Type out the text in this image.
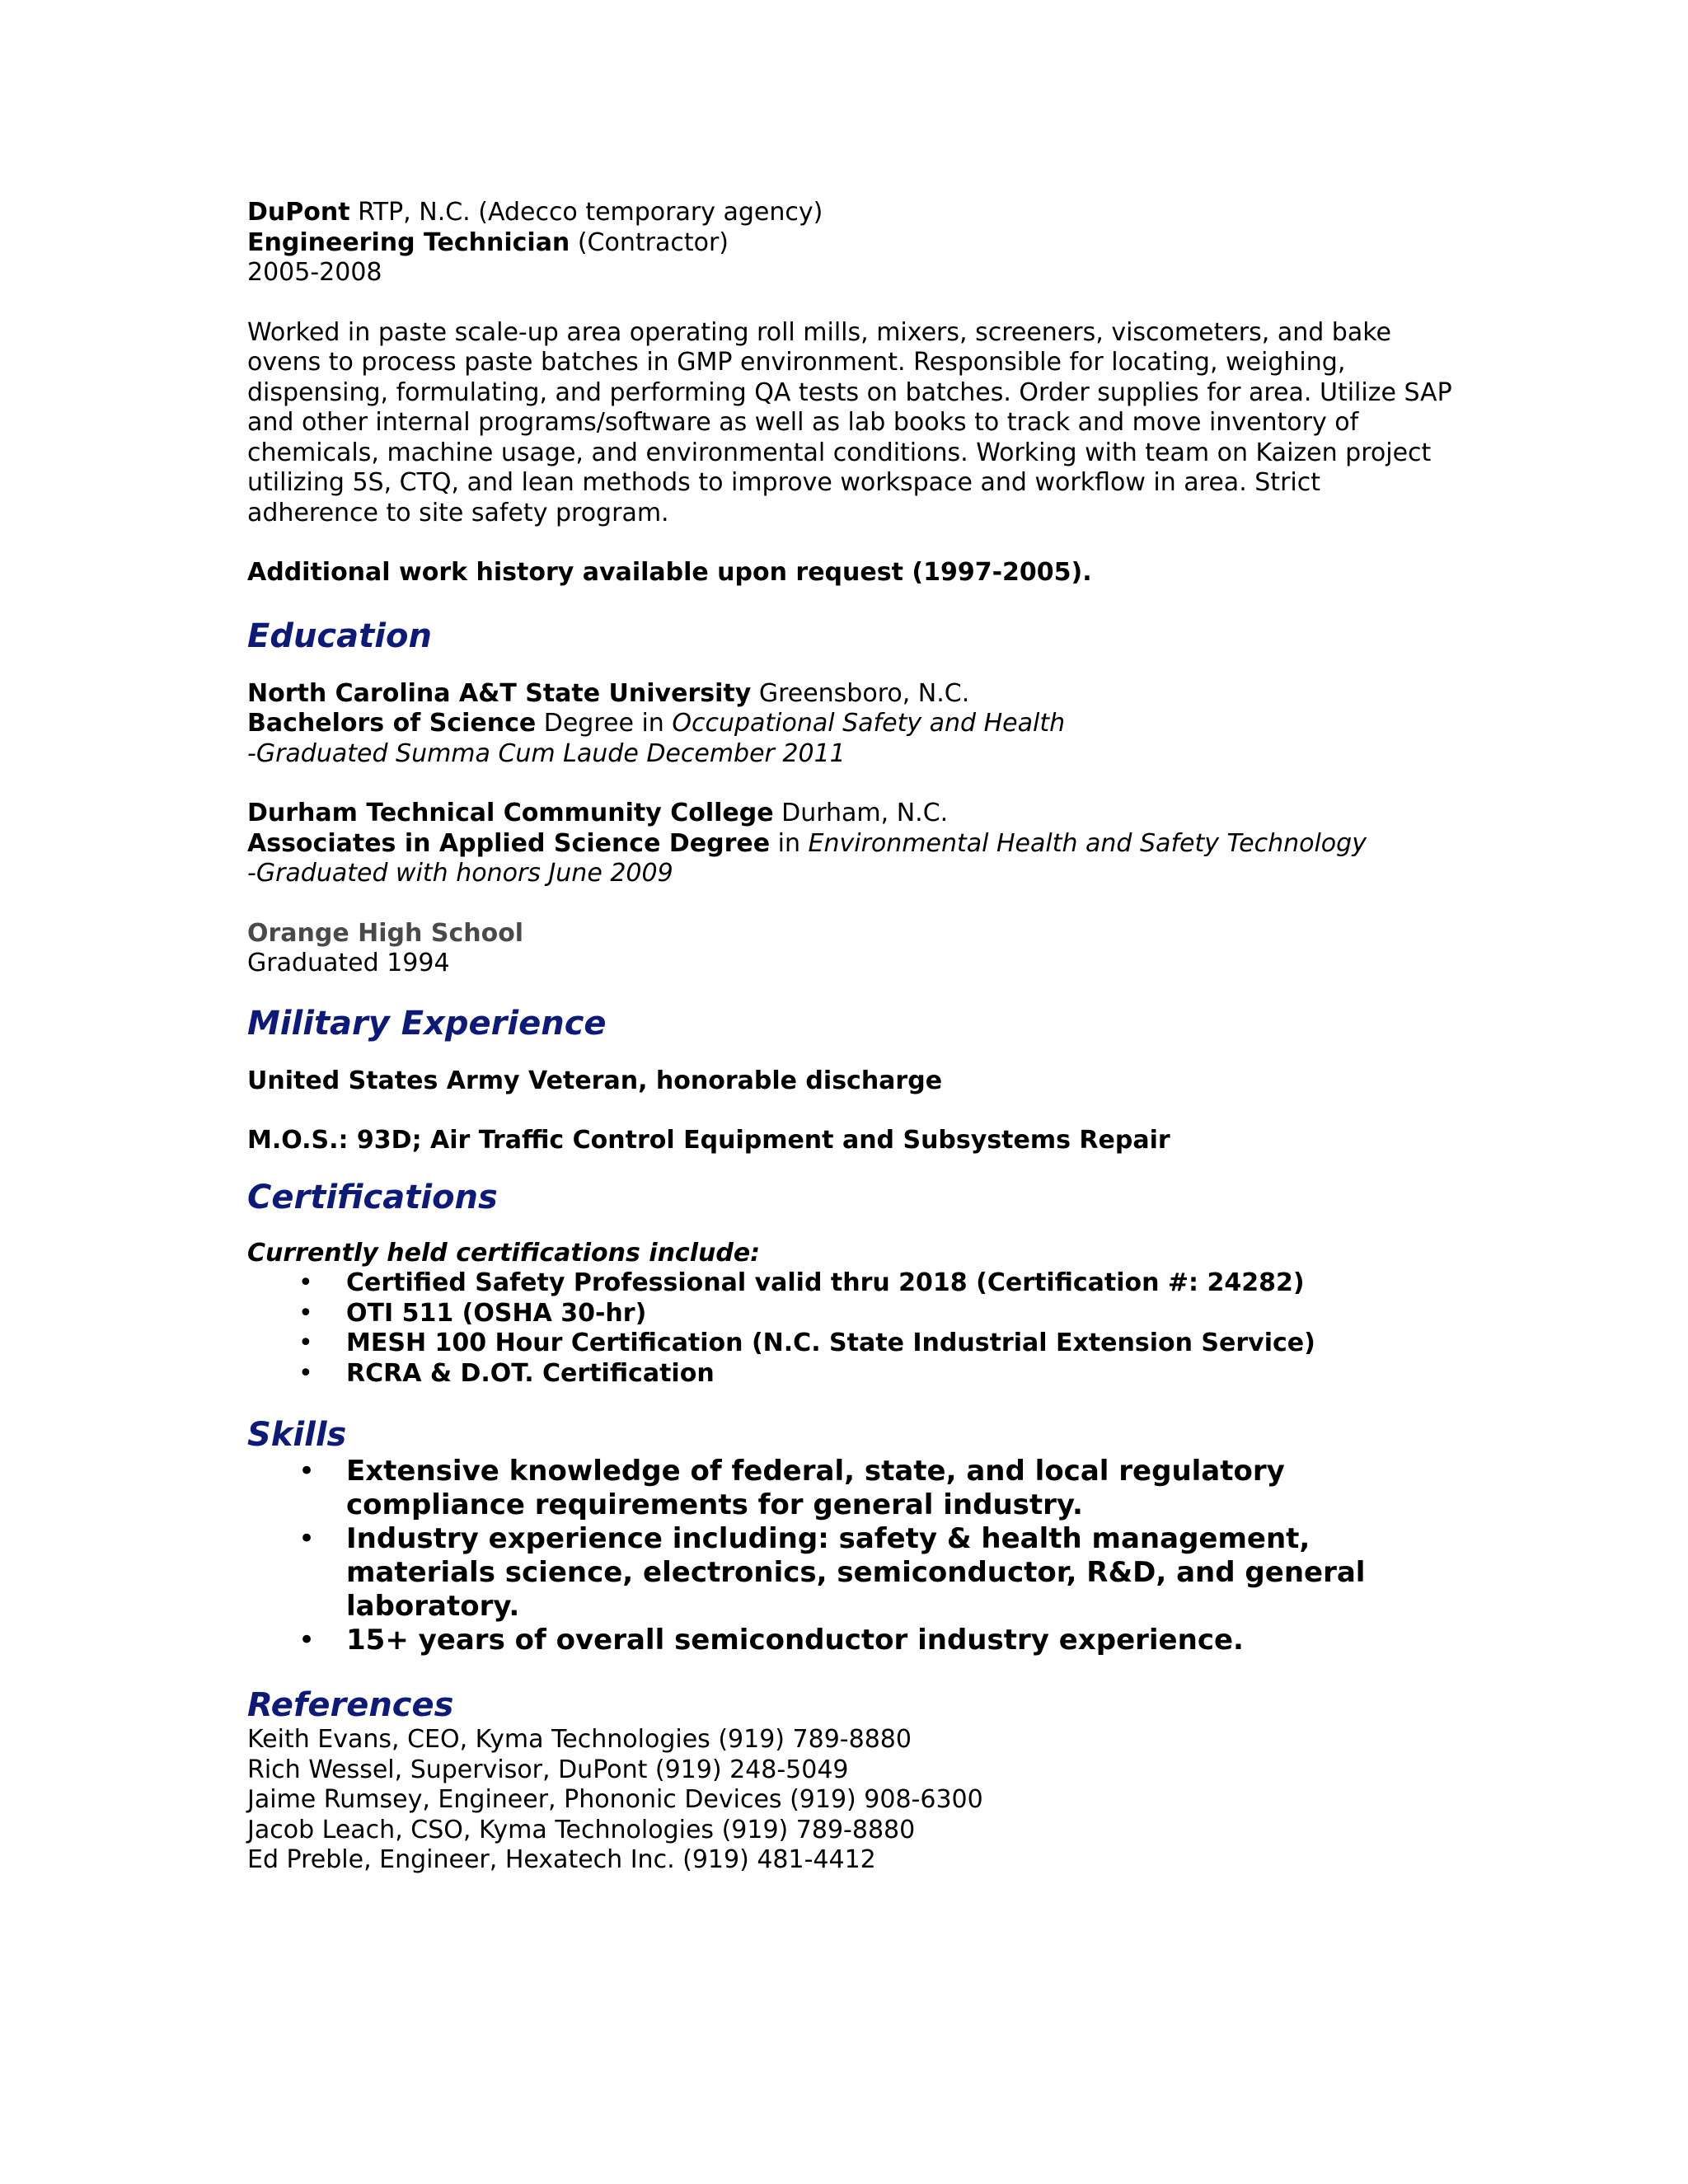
DuPont RTP, N.C. (Adecco temporary agency)
Engineering Technician (Contractor)
2005-2008
Worked in paste scale-up area operating roll mills, mixers, screeners, viscometers, and bake ovens to process paste batches in GMP environment. Responsible for locating, weighing, dispensing, formulating, and performing QA tests on batches. Order supplies for area. Utilize SAP and other internal programs/software as well as lab books to track and move inventory of chemicals, machine usage, and environmental conditions. Working with team on Kaizen project utilizing 5S, CTQ, and lean methods to improve workspace and workflow in area. Strict adherence to site safety program.
Additional work history available upon request (1997-2005).
Education
North Carolina A&T State University Greensboro, N.C.
Bachelors of Science Degree in Occupational Safety and Health
-Graduated Summa Cum Laude December 2011
Durham Technical Community College Durham, N.C.
Associates in Applied Science Degree in Environmental Health and Safety Technology
-Graduated with honors June 2009
Orange High School
Graduated 1994
Military Experience
United States Army Veteran, honorable discharge
M.O.S.: 93D; Air Traffic Control Equipment and Subsystems Repair
Certifications
Currently held certifications include:
• Certified Safety Professional valid thru 2018 (Certification #: 24282)
• OTI 511 (OSHA 30-hr)
• MESH 100 Hour Certification (N.C. State Industrial Extension Service)
• RCRA & D.OT. Certification
Skills
• Extensive knowledge of federal, state, and local regulatory
compliance requirements for general industry.
• Industry experience including: safety & health management,
materials science, electronics, semiconductor, R&D, and general
laboratory.
• 15+ years of overall semiconductor industry experience.
References
Keith Evans, CEO, Kyma Technologies (919) 789-8880
Rich Wessel, Supervisor, DuPont (919) 248-5049
Jaime Rumsey, Engineer, Phononic Devices (919) 908-6300
Jacob Leach, CSO, Kyma Technologies (919) 789-8880
Ed Preble, Engineer, Hexatech Inc. (919) 481-4412
